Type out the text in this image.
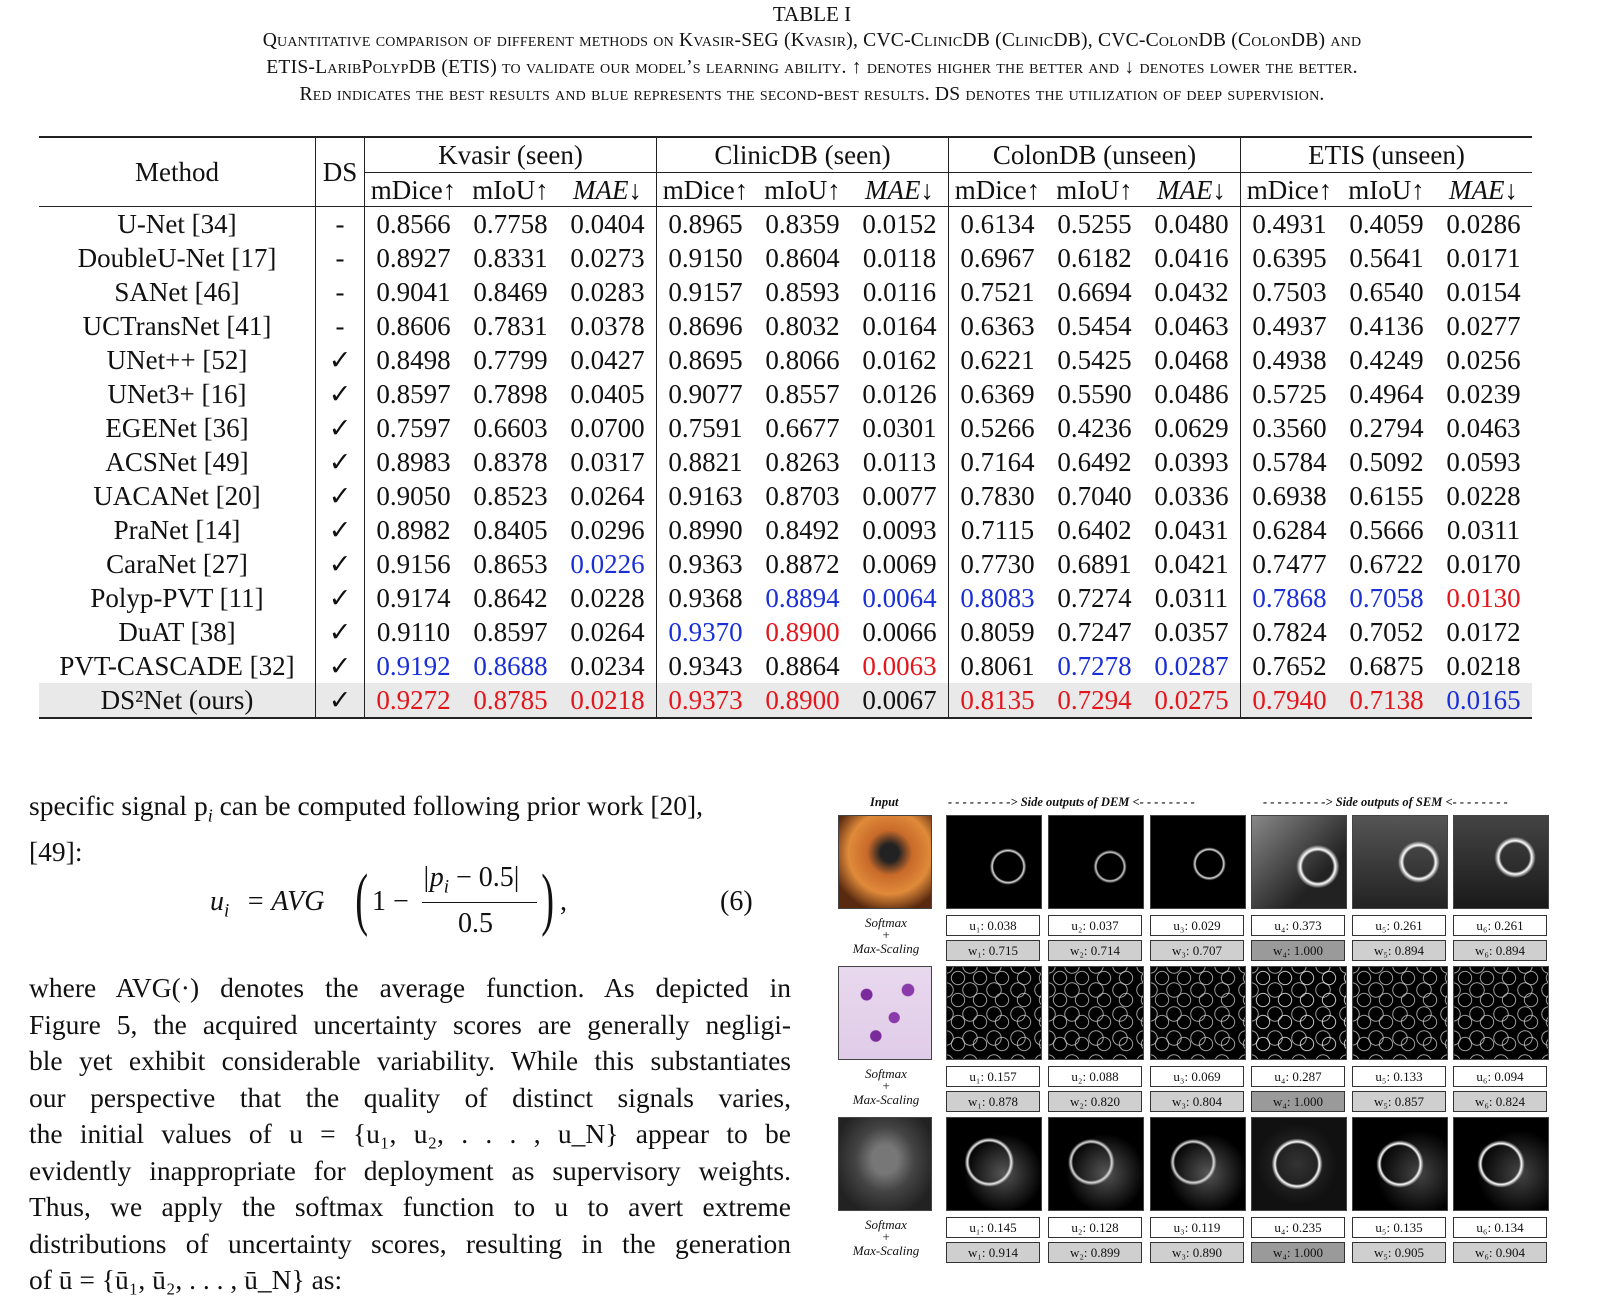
TABLE I
Quantitative comparison of different methods on Kvasir-SEG (Kvasir), CVC-ClinicDB (ClinicDB), CVC-ColonDB (ColonDB) and
ETIS-LaribPolypDB (ETIS) to validate our model’s learning ability. ↑ denotes higher the better and ↓ denotes lower the better.
Red indicates the best results and blue represents the second-best results. DS denotes the utilization of deep supervision.
Method	DS	Kvasir (seen)			ClinicDB (seen)			ColonDB (unseen)			ETIS (unseen)		
		mDice↑	mIoU↑	MAE↓	mDice↑	mIoU↑	MAE↓	mDice↑	mIoU↑	MAE↓	mDice↑	mIoU↑	MAE↓
U-Net [34]	-	0.8566	0.7758	0.0404	0.8965	0.8359	0.0152	0.6134	0.5255	0.0480	0.4931	0.4059	0.0286
DoubleU-Net [17]	-	0.8927	0.8331	0.0273	0.9150	0.8604	0.0118	0.6967	0.6182	0.0416	0.6395	0.5641	0.0171
SANet [46]	-	0.9041	0.8469	0.0283	0.9157	0.8593	0.0116	0.7521	0.6694	0.0432	0.7503	0.6540	0.0154
UCTransNet [41]	-	0.8606	0.7831	0.0378	0.8696	0.8032	0.0164	0.6363	0.5454	0.0463	0.4937	0.4136	0.0277
UNet++ [52]	✓	0.8498	0.7799	0.0427	0.8695	0.8066	0.0162	0.6221	0.5425	0.0468	0.4938	0.4249	0.0256
UNet3+ [16]	✓	0.8597	0.7898	0.0405	0.9077	0.8557	0.0126	0.6369	0.5590	0.0486	0.5725	0.4964	0.0239
EGENet [36]	✓	0.7597	0.6603	0.0700	0.7591	0.6677	0.0301	0.5266	0.4236	0.0629	0.3560	0.2794	0.0463
ACSNet [49]	✓	0.8983	0.8378	0.0317	0.8821	0.8263	0.0113	0.7164	0.6492	0.0393	0.5784	0.5092	0.0593
UACANet [20]	✓	0.9050	0.8523	0.0264	0.9163	0.8703	0.0077	0.7830	0.7040	0.0336	0.6938	0.6155	0.0228
PraNet [14]	✓	0.8982	0.8405	0.0296	0.8990	0.8492	0.0093	0.7115	0.6402	0.0431	0.6284	0.5666	0.0311
CaraNet [27]	✓	0.9156	0.8653	0.0226	0.9363	0.8872	0.0069	0.7730	0.6891	0.0421	0.7477	0.6722	0.0170
Polyp-PVT [11]	✓	0.9174	0.8642	0.0228	0.9368	0.8894	0.0064	0.8083	0.7274	0.0311	0.7868	0.7058	0.0130
DuAT [38]	✓	0.9110	0.8597	0.0264	0.9370	0.8900	0.0066	0.8059	0.7247	0.0357	0.7824	0.7052	0.0172
PVT-CASCADE [32]	✓	0.9192	0.8688	0.0234	0.9343	0.8864	0.0063	0.8061	0.7278	0.0287	0.7652	0.6875	0.0218
DS²Net (ours)	✓	0.9272	0.8785	0.0218	0.9373	0.8900	0.0067	0.8135	0.7294	0.0275	0.7940	0.7138	0.0165
specific signal $p_i$ can be computed following prior work [20],
[49]:
$u_i$ = AVG ( 1 −
$|p_i - 0.5|$
0.5 ) ,	(6)
where AVG(·) denotes the average function. As depicted in
Figure 5, the acquired uncertainty scores are generally negligi-
ble yet exhibit considerable variability. While this substantiates
our perspective that the quality of distinct signals varies,
the initial values of u = {u₁, u₂, . . . , u_N} appear to be
evidently inappropriate for deployment as supervisory weights.
Thus, we apply the softmax function to u to avert extreme
distributions of uncertainty scores, resulting in the generation
of ū = {ū₁, ū₂, . . . , ū_N} as:
Input	- - - - - - - - -> Side outputs of DEM <- - - - - - - -	- - - - - - - - -> Side outputs of SEM <- - - - - - - -
u₁: 0.038
w₁: 0.715
u₂: 0.037
w₂: 0.714
u₃: 0.029
w₃: 0.707
u₄: 0.373
w₄: 1.000
u₅: 0.261
w₅: 0.894
u₆: 0.261
w₆: 0.894
Softmax
+
Max-Scaling
u₁: 0.157
w₁: 0.878
u₂: 0.088
w₂: 0.820
u₃: 0.069
w₃: 0.804
u₄: 0.287
w₄: 1.000
u₅: 0.133
w₅: 0.857
u₆: 0.094
w₆: 0.824
Softmax
+
Max-Scaling
u₁: 0.145
w₁: 0.914
u₂: 0.128
w₂: 0.899
u₃: 0.119
w₃: 0.890
u₄: 0.235
w₄: 1.000
u₅: 0.135
w₅: 0.905
u₆: 0.134
w₆: 0.904
Softmax
+
Max-Scaling
